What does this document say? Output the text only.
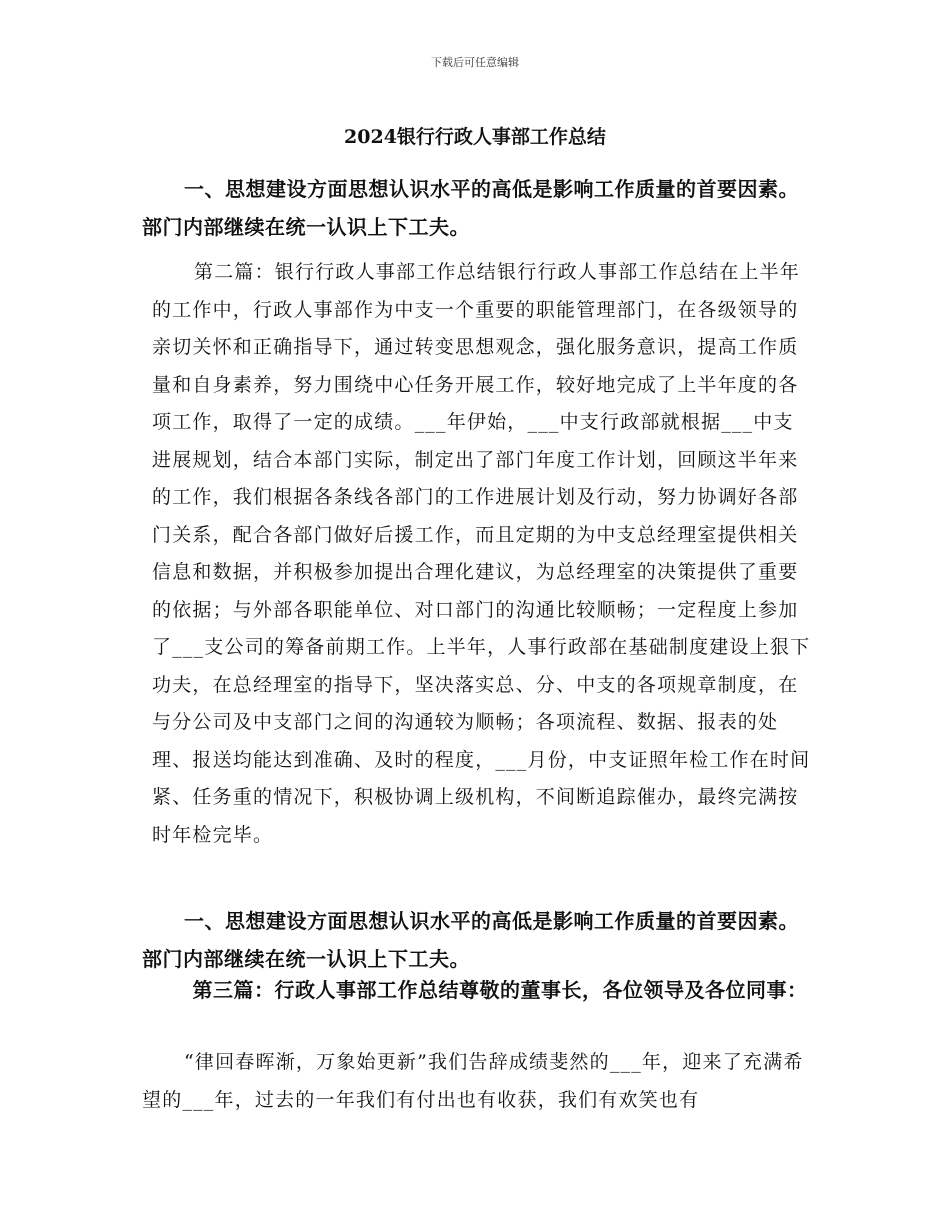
下载后可任意编辑
2024银行行政人事部工作总结
一、思想建设方面思想认识水平的高低是影响工作质量的首要因素。部门内部继续在统一认识上下工夫。
第二篇：银行行政人事部工作总结银行行政人事部工作总结在上半年的工作中，行政人事部作为中支一个重要的职能管理部门，在各级领导的亲切关怀和正确指导下，通过转变思想观念，强化服务意识，提高工作质量和自身素养，努力围绕中心任务开展工作，较好地完成了上半年度的各项工作，取得了一定的成绩。___年伊始，___中支行政部就根据___中支进展规划，结合本部门实际，制定出了部门年度工作计划，回顾这半年来的工作，我们根据各条线各部门的工作进展计划及行动，努力协调好各部门关系，配合各部门做好后援工作，而且定期的为中支总经理室提供相关信息和数据，并积极参加提出合理化建议，为总经理室的决策提供了重要的依据；与外部各职能单位、对口部门的沟通比较顺畅；一定程度上参加了___支公司的筹备前期工作。上半年，人事行政部在基础制度建设上狠下功夫，在总经理室的指导下，坚决落实总、分、中支的各项规章制度，在与分公司及中支部门之间的沟通较为顺畅；各项流程、数据、报表的处理、报送均能达到准确、及时的程度，___月份，中支证照年检工作在时间紧、任务重的情况下，积极协调上级机构，不间断追踪催办，最终完满按时年检完毕。
一、思想建设方面思想认识水平的高低是影响工作质量的首要因素。部门内部继续在统一认识上下工夫。
第三篇：行政人事部工作总结尊敬的董事长，各位领导及各位同事：
“律回春晖渐，万象始更新”我们告辞成绩斐然的___年，迎来了充满希望的___年，过去的一年我们有付出也有收获，我们有欢笑也有
